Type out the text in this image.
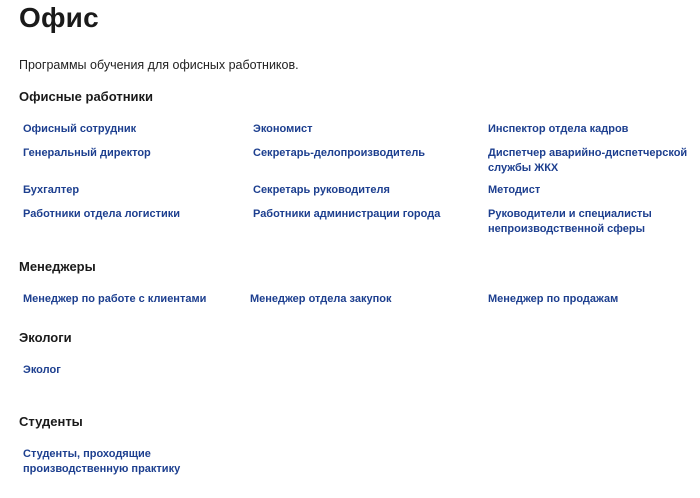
Офис

Программы обучения для офисных работников.

Офисные работники
Офисный сотрудник	Экономист	Инспектор отдела кадров
Генеральный директор	Секретарь-делопроизводитель	Диспетчер аварийно-диспетчерской службы ЖКХ
Бухгалтер	Секретарь руководителя	Методист
Работники отдела логистики	Работники администрации города	Руководители и специалисты непроизводственной сферы
Менеджеры
Менеджер по работе с клиентами	Менеджер отдела закупок	Менеджер по продажам
Экологи
Эколог
Студенты
Студенты, проходящие производственную практику
